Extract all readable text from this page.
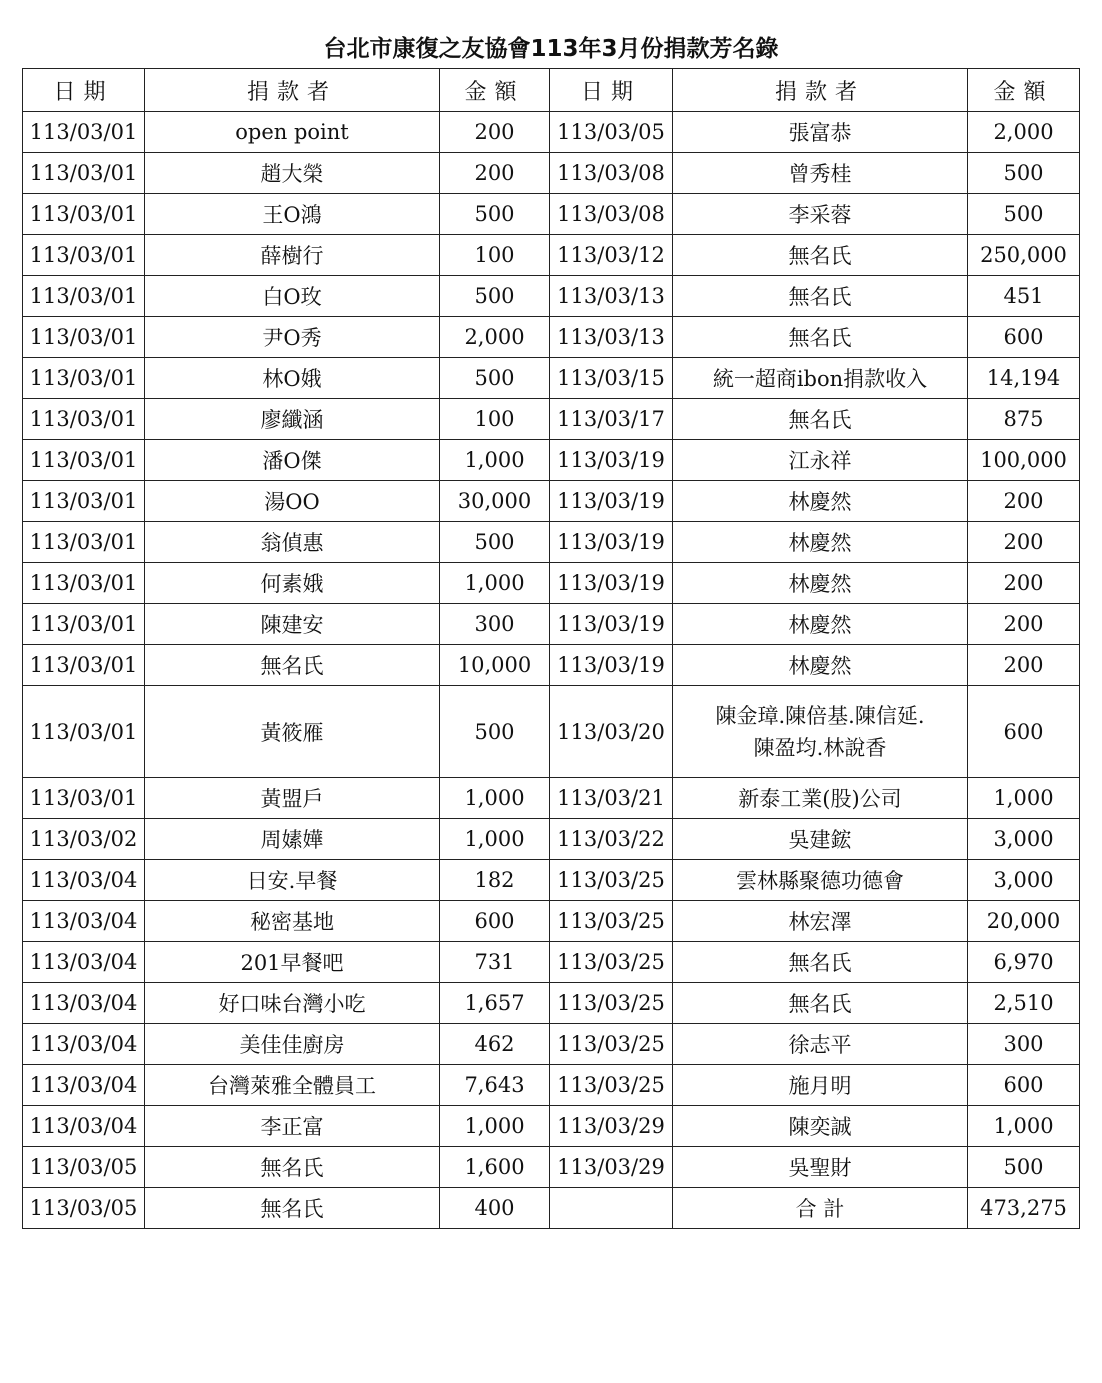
台北市康復之友協會113年3月份捐款芳名錄
日期	捐款者	金額	日期	捐款者	金額
113/03/01	open point	200	113/03/05	張富恭	2,000
113/03/01	趙大榮	200	113/03/08	曾秀桂	500
113/03/01	王O鴻	500	113/03/08	李采蓉	500
113/03/01	薛樹行	100	113/03/12	無名氏	250,000
113/03/01	白O玫	500	113/03/13	無名氏	451
113/03/01	尹O秀	2,000	113/03/13	無名氏	600
113/03/01	林O娥	500	113/03/15	統一超商ibon捐款收入	14,194
113/03/01	廖纖涵	100	113/03/17	無名氏	875
113/03/01	潘O傑	1,000	113/03/19	江永祥	100,000
113/03/01	湯OO	30,000	113/03/19	林慶然	200
113/03/01	翁偵惠	500	113/03/19	林慶然	200
113/03/01	何素娥	1,000	113/03/19	林慶然	200
113/03/01	陳建安	300	113/03/19	林慶然	200
113/03/01	無名氏	10,000	113/03/19	林慶然	200
113/03/01	黃筱雁	500	113/03/20	陳金璋.陳倍基.陳信延.
陳盈均.林說香	600
113/03/01	黃盟戶	1,000	113/03/21	新泰工業(股)公司	1,000
113/03/02	周嫊嬅	1,000	113/03/22	吳建鋐	3,000
113/03/04	日安.早餐	182	113/03/25	雲林縣聚德功德會	3,000
113/03/04	秘密基地	600	113/03/25	林宏澤	20,000
113/03/04	201早餐吧	731	113/03/25	無名氏	6,970
113/03/04	好口味台灣小吃	1,657	113/03/25	無名氏	2,510
113/03/04	美佳佳廚房	462	113/03/25	徐志平	300
113/03/04	台灣萊雅全體員工	7,643	113/03/25	施月明	600
113/03/04	李正富	1,000	113/03/29	陳奕誠	1,000
113/03/05	無名氏	1,600	113/03/29	吳聖財	500
113/03/05	無名氏	400		合 計	473,275
